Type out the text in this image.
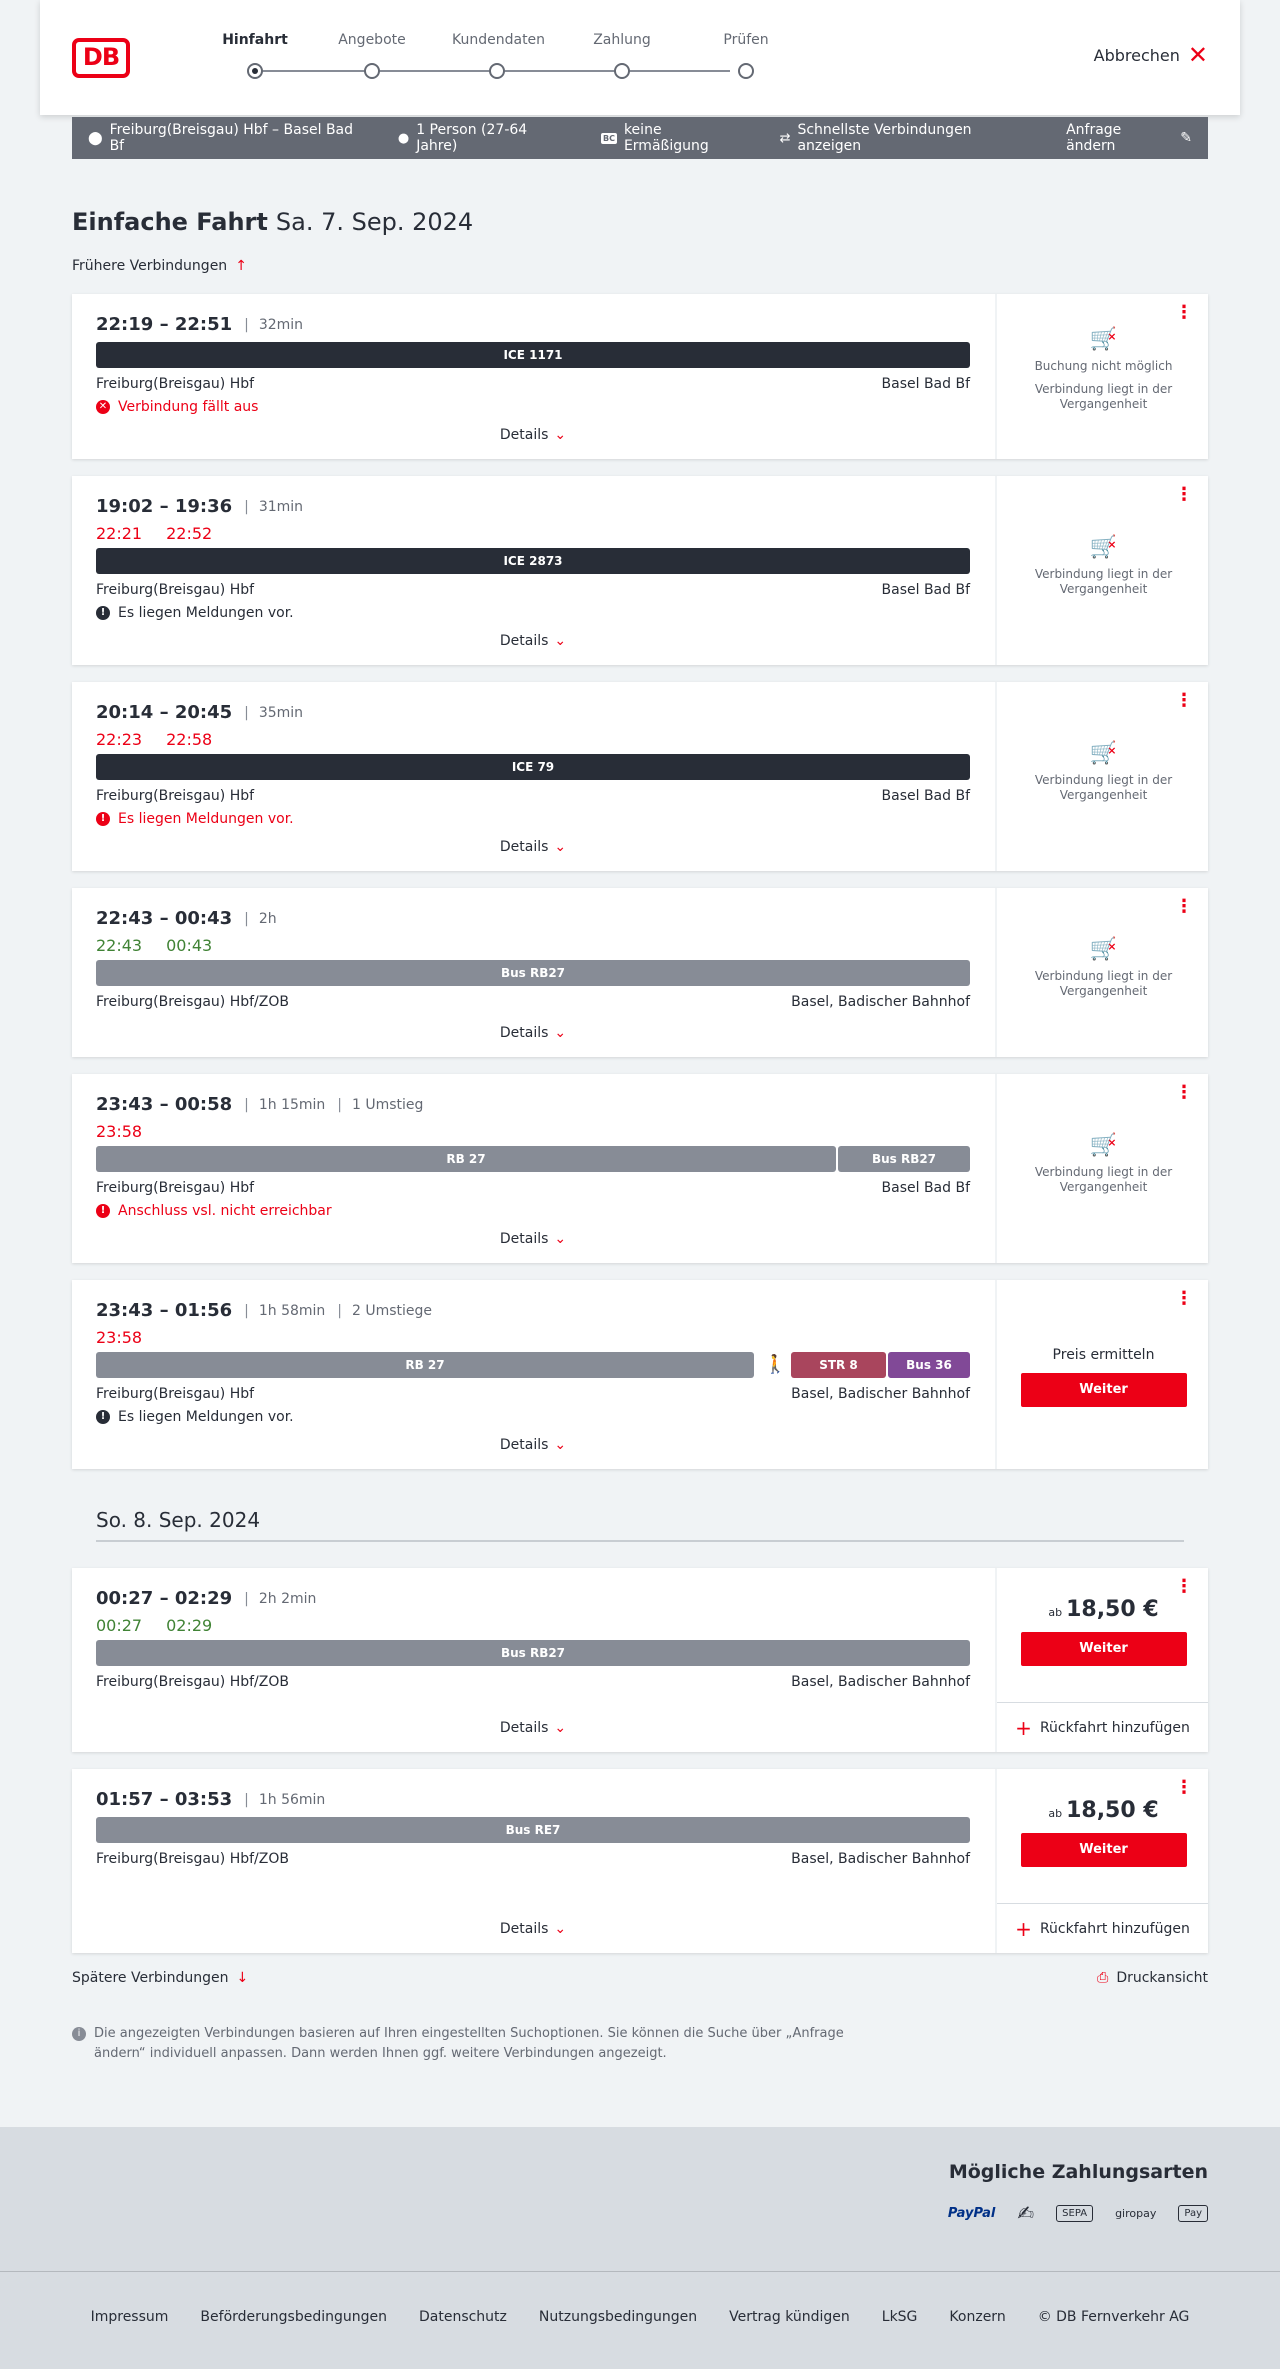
DB
Hinfahrt	Angebote	Kundendaten	Zahlung	Prüfen
Abbrechen ✕
⬤ Freiburg(Breisgau) Hbf – Basel Bad Bf	● 1 Person (27-64 Jahre)	BC keine Ermäßigung	⇄ Schnellste Verbindungen anzeigen
Anfrage ändern	✎
Einfache Fahrt Sa. 7. Sep. 2024
Frühere Verbindungen ↑
22:19 – 22:51	| 32min
ICE 1171
Freiburg(Breisgau) Hbf	Basel Bad Bf
✕ Verbindung fällt aus
Details ⌄
⋮
🛒 ×
Buchung nicht möglich
Verbindung liegt in der Vergangenheit
19:02 – 19:36	| 31min
22:21 22:52
ICE 2873
Freiburg(Breisgau) Hbf	Basel Bad Bf
! Es liegen Meldungen vor.
Details ⌄
⋮
🛒 ×
Verbindung liegt in der Vergangenheit
20:14 – 20:45	| 35min
22:23 22:58
ICE 79
Freiburg(Breisgau) Hbf	Basel Bad Bf
! Es liegen Meldungen vor.
Details ⌄
⋮
🛒 ×
Verbindung liegt in der Vergangenheit
22:43 – 00:43	| 2h
22:43 00:43
Bus RB27
Freiburg(Breisgau) Hbf/ZOB	Basel, Badischer Bahnhof
Details ⌄
⋮
🛒 ×
Verbindung liegt in der Vergangenheit
23:43 – 00:58	| 1h 15min	| 1 Umstieg
23:58
RB 27	Bus RB27
Freiburg(Breisgau) Hbf	Basel Bad Bf
! Anschluss vsl. nicht erreichbar
Details ⌄
⋮
🛒 ×
Verbindung liegt in der Vergangenheit
23:43 – 01:56	| 1h 58min	| 2 Umstiege
23:58
RB 27	🚶	STR 8	Bus 36
Freiburg(Breisgau) Hbf	Basel, Badischer Bahnhof
! Es liegen Meldungen vor.
Details ⌄
⋮
Preis ermitteln
Weiter
So. 8. Sep. 2024
00:27 – 02:29	| 2h 2min
00:27 02:29
Bus RB27
Freiburg(Breisgau) Hbf/ZOB	Basel, Badischer Bahnhof
Details ⌄
⋮
ab 18,50 €
Weiter
+ Rückfahrt hinzufügen
01:57 – 03:53	| 1h 56min
Bus RE7
Freiburg(Breisgau) Hbf/ZOB	Basel, Badischer Bahnhof
Details ⌄
⋮
ab 18,50 €
Weiter
+ Rückfahrt hinzufügen
Spätere Verbindungen ↓	⎙ Druckansicht
i	Die angezeigten Verbindungen basieren auf Ihren eingestellten Suchoptionen. Sie können die Suche über „Anfrage ändern“ individuell anpassen. Dann werden Ihnen ggf. weitere Verbindungen angezeigt.
Mögliche Zahlungsarten
PayPal ✍	SEPA	giropay	Pay
Impressum Beförderungsbedingungen Datenschutz Nutzungsbedingungen Vertrag kündigen LkSG Konzern © DB Fernverkehr AG
